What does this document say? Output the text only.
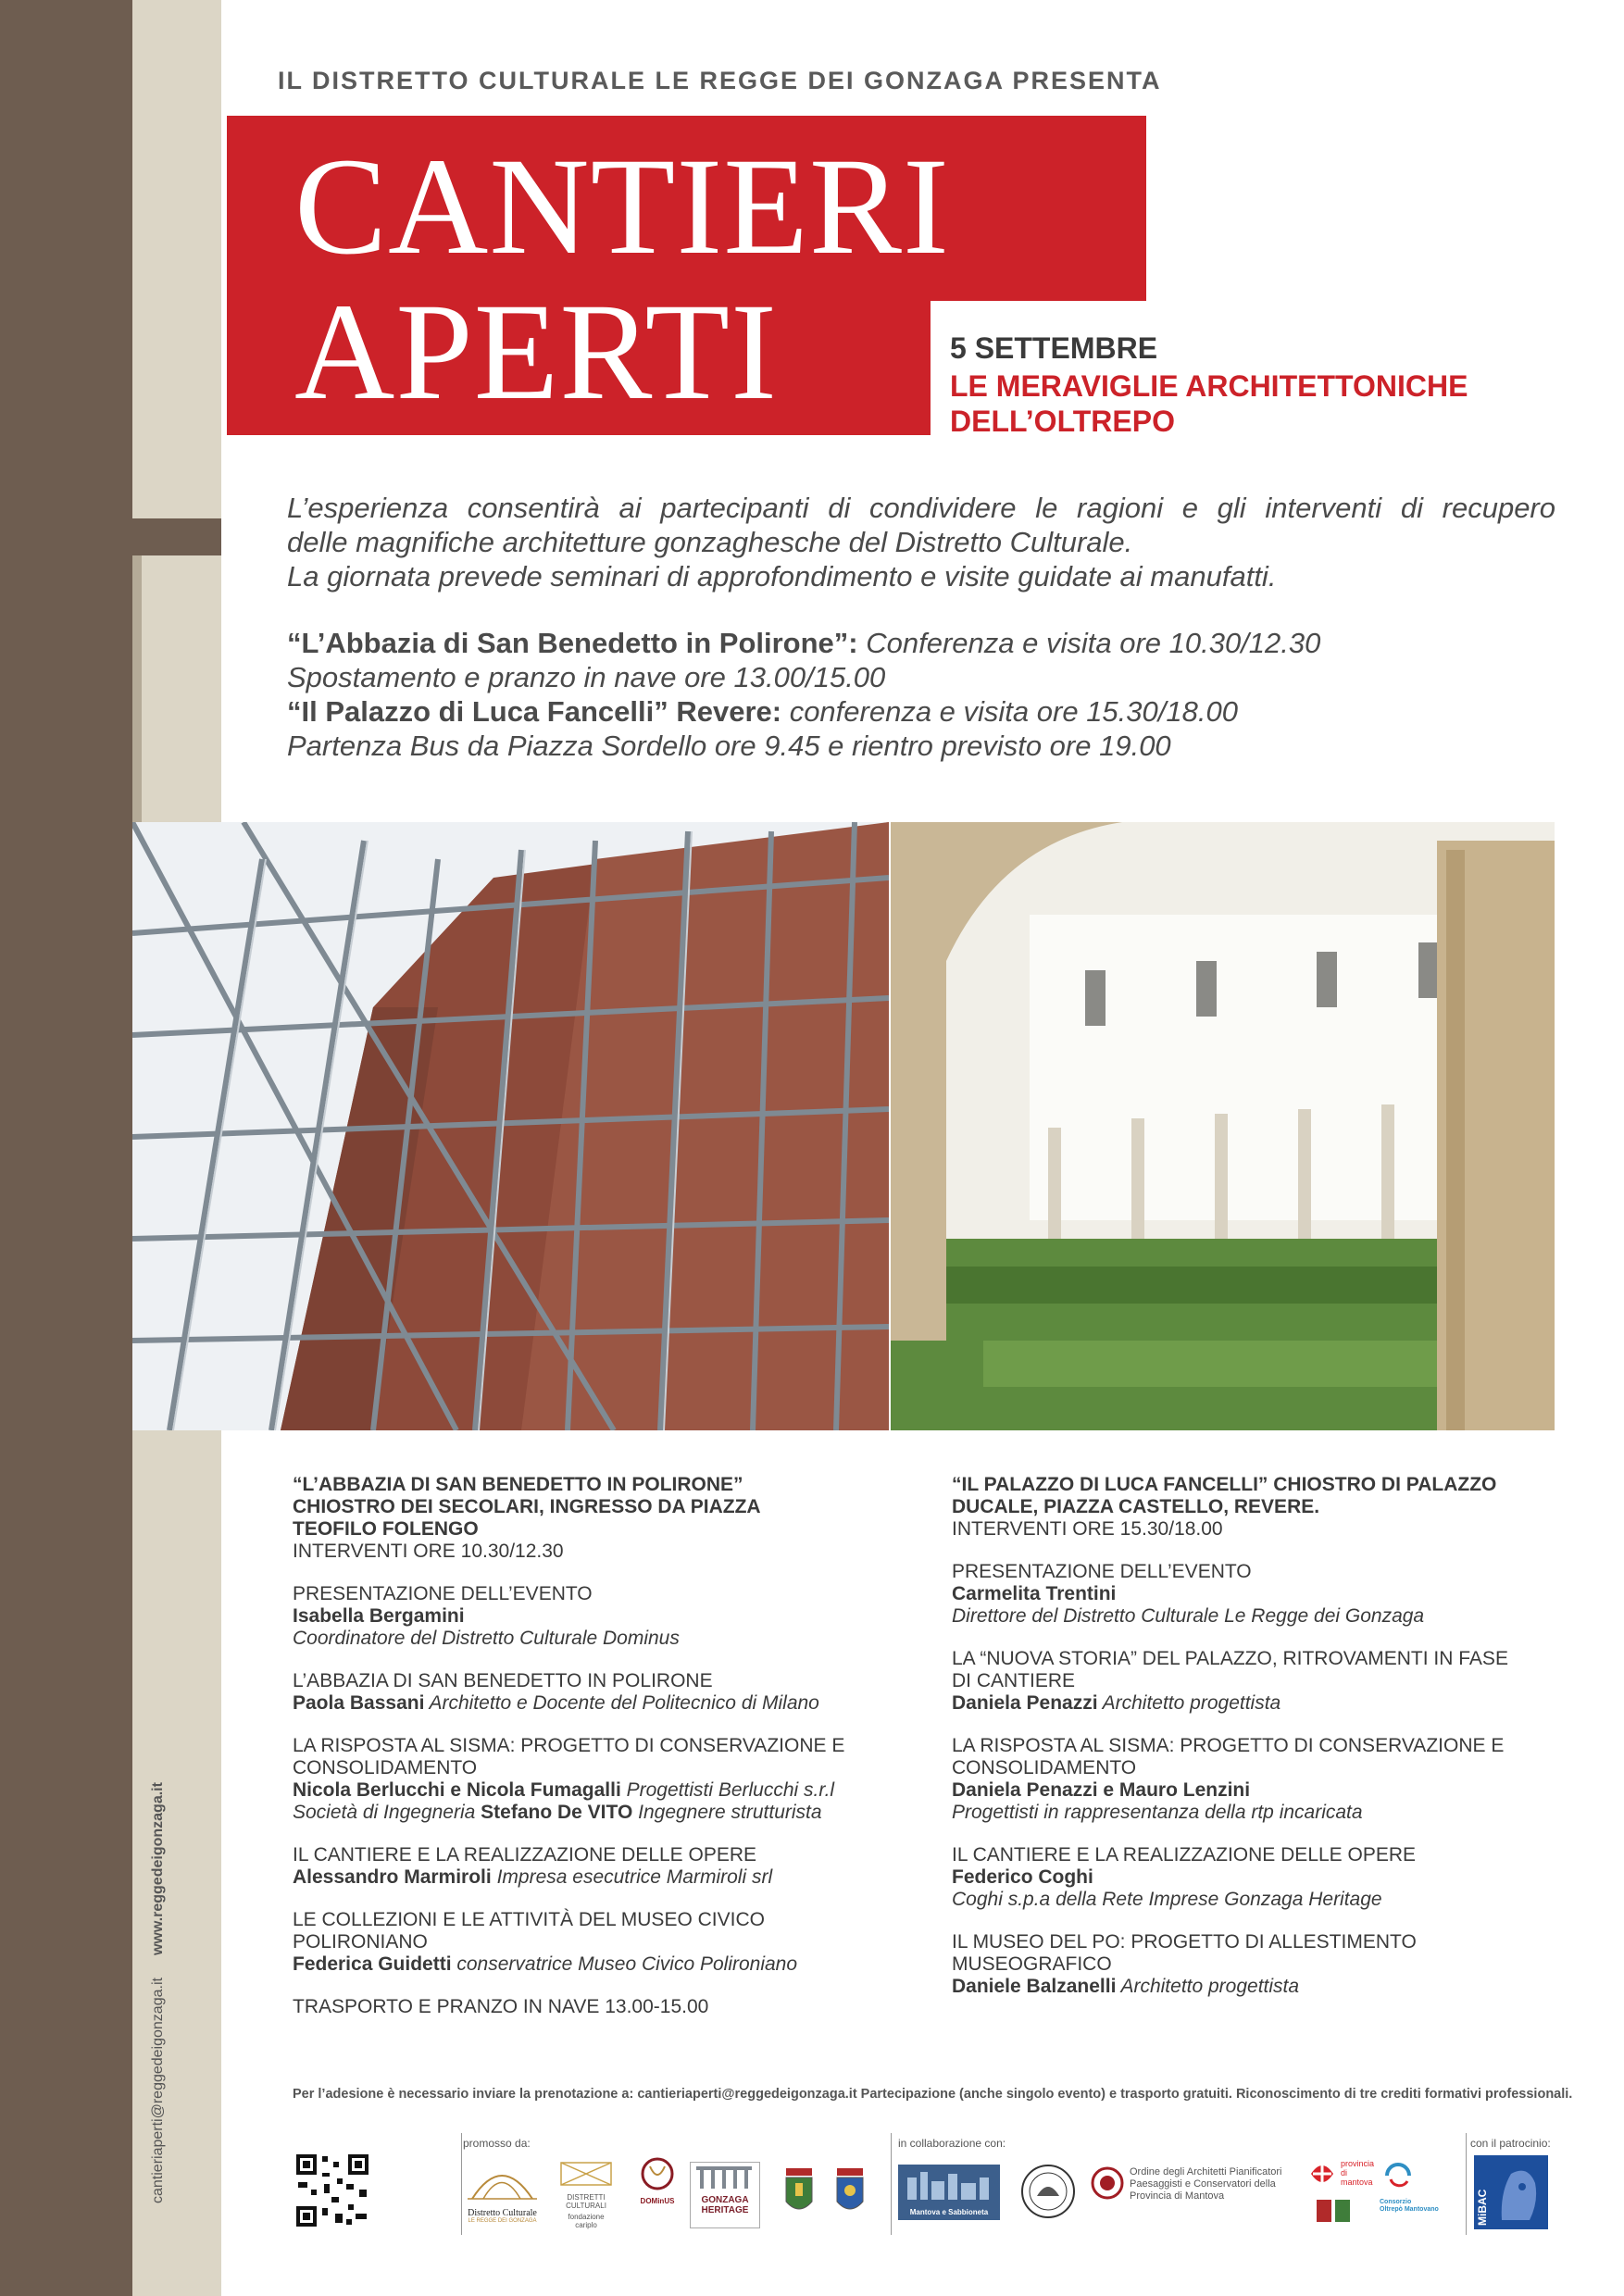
IL DISTRETTO CULTURALE LE REGGE DEI GONZAGA PRESENTA
CANTIERI
APERTI	5 SETTEMBRE
LE MERAVIGLIE ARCHITETTONICHE
DELL’OLTREPO

L’esperienza consentirà ai partecipanti di condividere le ragioni e gli interventi di recupero

delle magnifiche architetture gonzaghesche del Distretto Culturale.

La giornata prevede seminari di approfondimento e visite guidate ai manufatti.

“L’Abbazia di San Benedetto in Polirone”: Conferenza e visita ore 10.30/12.30
Spostamento e pranzo in nave ore 13.00/15.00
“Il Palazzo di Luca Fancelli” Revere: conferenza e visita ore 15.30/18.00
Partenza Bus da Piazza Sordello ore 9.45 e rientro previsto ore 19.00
“L’ABBAZIA DI SAN BENEDETTO IN POLIRONE”
CHIOSTRO DEI SECOLARI, INGRESSO DA PIAZZA
TEOFILO FOLENGO
INTERVENTI ORE 10.30/12.30
PRESENTAZIONE DELL’EVENTO
Isabella Bergamini
Coordinatore del Distretto Culturale Dominus
L’ABBAZIA DI SAN BENEDETTO IN POLIRONE
Paola Bassani Architetto e Docente del Politecnico di Milano
LA RISPOSTA AL SISMA: PROGETTO DI CONSERVAZIONE E
CONSOLIDAMENTO
Nicola Berlucchi e Nicola Fumagalli Progettisti Berlucchi s.r.l
Società di Ingegneria Stefano De VITO Ingegnere strutturista
IL CANTIERE E LA REALIZZAZIONE DELLE OPERE
Alessandro Marmiroli Impresa esecutrice Marmiroli srl
LE COLLEZIONI E LE ATTIVITÀ DEL MUSEO CIVICO
POLIRONIANO
Federica Guidetti conservatrice Museo Civico Polironiano
TRASPORTO E PRANZO IN NAVE 13.00-15.00
“IL PALAZZO DI LUCA FANCELLI” CHIOSTRO DI PALAZZO
DUCALE, PIAZZA CASTELLO, REVERE.
INTERVENTI ORE 15.30/18.00
PRESENTAZIONE DELL’EVENTO
Carmelita Trentini
Direttore del Distretto Culturale Le Regge dei Gonzaga
LA “NUOVA STORIA” DEL PALAZZO, RITROVAMENTI IN FASE
DI CANTIERE
Daniela Penazzi Architetto progettista
LA RISPOSTA AL SISMA: PROGETTO DI CONSERVAZIONE E
CONSOLIDAMENTO
Daniela Penazzi e Mauro Lenzini
Progettisti in rappresentanza della rtp incaricata
IL CANTIERE E LA REALIZZAZIONE DELLE OPERE
Federico Coghi
Coghi s.p.a della Rete Imprese Gonzaga Heritage
IL MUSEO DEL PO: PROGETTO DI ALLESTIMENTO
MUSEOGRAFICO
Daniele Balzanelli Architetto progettista
Per l’adesione è necessario inviare la prenotazione a: cantieriaperti@reggedeigonzaga.it Partecipazione (anche singolo evento) e trasporto gratuiti. Riconoscimento di tre crediti formativi professionali.
promosso da:	in collaborazione con:	con il patrocinio:
Distretto Culturale
LE REGGE DEI GONZAGA
DISTRETTI
CULTURALI
fondazione
cariplo
DOMinUS	GONZAGA
HERITAGE	Mantova e Sabbioneta
Ordine degli Architetti Pianificatori
Paesaggisti e Conservatori della
Provincia di Mantova
provincia
di mantova
Consorzio
Oltrepò Mantovano	MiBAC
cantieriaperti@reggedeigonzaga.itwww.reggedeigonzaga.it
